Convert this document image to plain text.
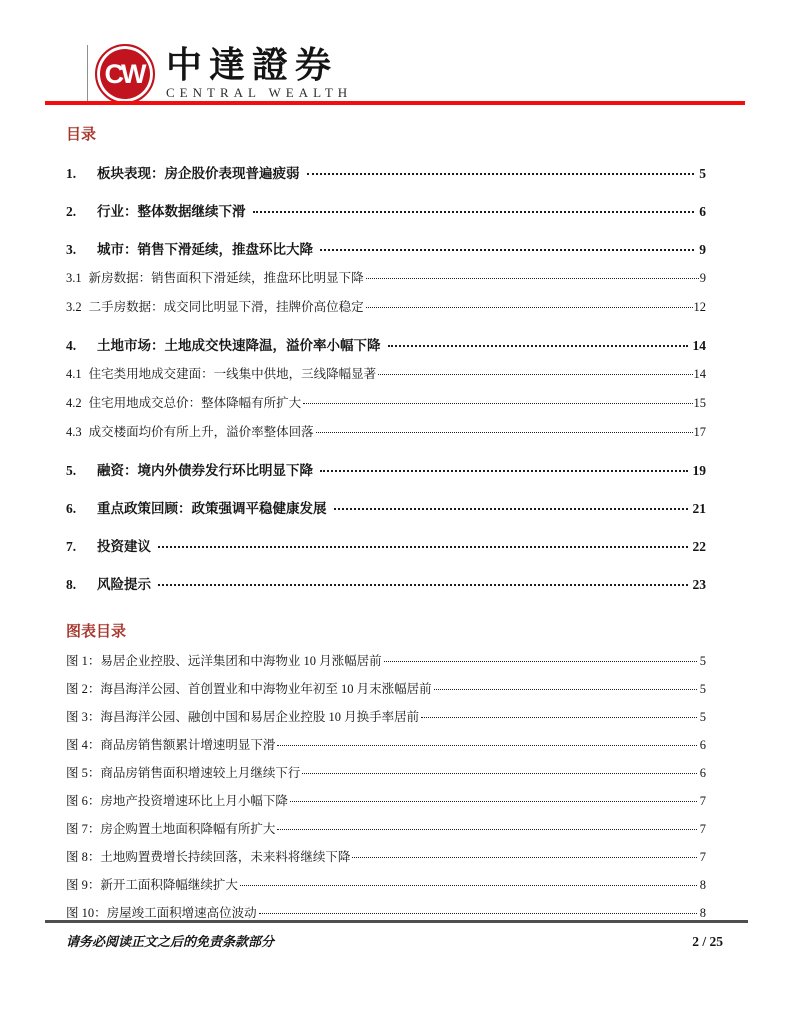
CW 中達證券
CENTRAL WEALTH
目录
1.	板块表现：房企股价表现普遍疲弱	5
2.	行业：整体数据继续下滑	6
3.	城市：销售下滑延续，推盘环比大降	9
3.1 新房数据：销售面积下滑延续，推盘环比明显下降	9
3.2 二手房数据：成交同比明显下滑，挂牌价高位稳定	12
4.	土地市场：土地成交快速降温，溢价率小幅下降	14
4.1 住宅类用地成交建面：一线集中供地，三线降幅显著	14
4.2 住宅用地成交总价：整体降幅有所扩大	15
4.3 成交楼面均价有所上升，溢价率整体回落	17
5.	融资：境内外债券发行环比明显下降	19
6.	重点政策回顾：政策强调平稳健康发展	21
7.	投资建议	22
8.	风险提示	23
图表目录
图 1：易居企业控股、远洋集团和中海物业 10 月涨幅居前	5
图 2：海昌海洋公园、首创置业和中海物业年初至 10 月末涨幅居前	5
图 3：海昌海洋公园、融创中国和易居企业控股 10 月换手率居前	5
图 4：商品房销售额累计增速明显下滑	6
图 5：商品房销售面积增速较上月继续下行	6
图 6：房地产投资增速环比上月小幅下降	7
图 7：房企购置土地面积降幅有所扩大	7
图 8：土地购置费增长持续回落，未来料将继续下降	7
图 9：新开工面积降幅继续扩大	8
图 10：房屋竣工面积增速高位波动	8
请务必阅读正文之后的免责条款部分	2 / 25
